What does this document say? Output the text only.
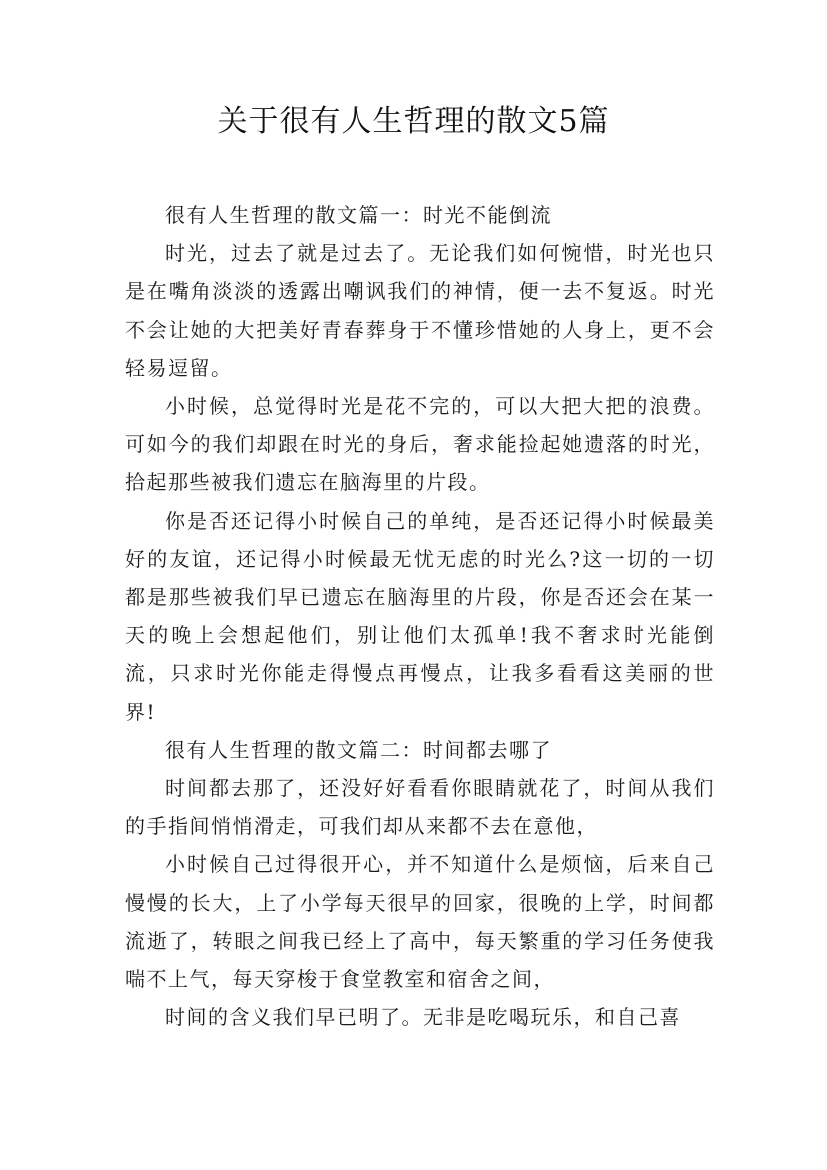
关于很有人生哲理的散文5篇

很有人生哲理的散文篇一：时光不能倒流

时光，过去了就是过去了。无论我们如何惋惜，时光也只是在嘴角淡淡的透露出嘲讽我们的神情，便一去不复返。时光不会让她的大把美好青春葬身于不懂珍惜她的人身上，更不会轻易逗留。

小时候，总觉得时光是花不完的，可以大把大把的浪费。可如今的我们却跟在时光的身后，奢求能捡起她遗落的时光，拾起那些被我们遗忘在脑海里的片段。

你是否还记得小时候自己的单纯，是否还记得小时候最美好的友谊，还记得小时候最无忧无虑的时光么?这一切的一切都是那些被我们早已遗忘在脑海里的片段，你是否还会在某一天的晚上会想起他们，别让他们太孤单!我不奢求时光能倒流，只求时光你能走得慢点再慢点，让我多看看这美丽的世界!

很有人生哲理的散文篇二：时间都去哪了

时间都去那了，还没好好看看你眼睛就花了，时间从我们的手指间悄悄滑走，可我们却从来都不去在意他，

小时候自己过得很开心，并不知道什么是烦恼，后来自己慢慢的长大，上了小学每天很早的回家，很晚的上学，时间都流逝了，转眼之间我已经上了高中，每天繁重的学习任务使我喘不上气，每天穿梭于食堂教室和宿舍之间，

时间的含义我们早已明了。无非是吃喝玩乐，和自己喜
